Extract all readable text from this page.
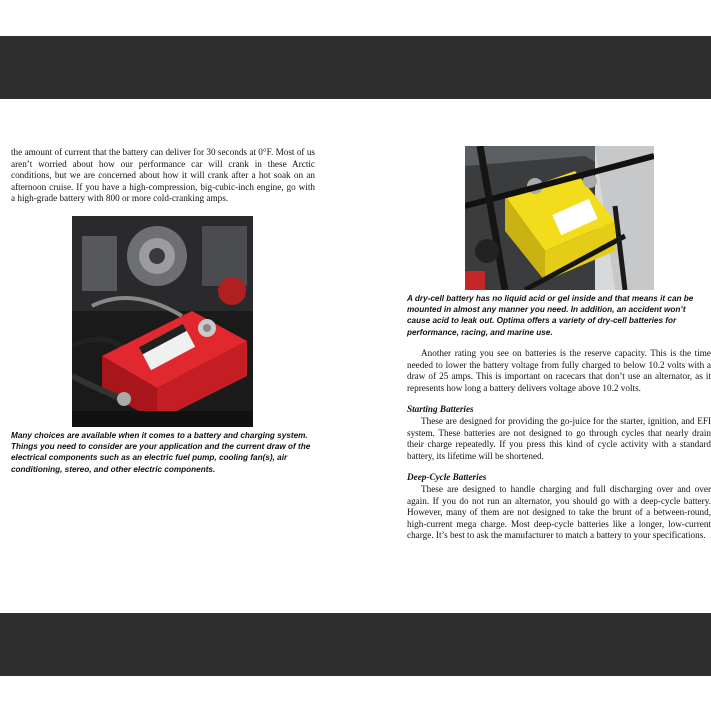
the amount of current that the battery can deliver for 30 seconds at 0°F. Most of us aren’t worried about how our performance car will crank in these Arctic conditions, but we are concerned about how it will crank after a hot soak on an afternoon cruise. If you have a high-compression, big-cubic-inch engine, go with a high-grade battery with 800 or more cold-cranking amps.

Many choices are available when it comes to a battery and charging system. Things you need to consider are your application and the current draw of the electrical components such as an electric fuel pump, cooling fan(s), air conditioning, stereo, and other electric components.
A dry-cell battery has no liquid acid or gel inside and that means it can be mounted in almost any manner you need. In addition, an accident won’t cause acid to leak out. Optima offers a variety of dry-cell batteries for performance, racing, and marine use.

Another rating you see on batteries is the reserve capacity. This is the time needed to lower the battery voltage from fully charged to below 10.2 volts with a draw of 25 amps. This is important on racecars that don’t use an alternator, as it represents how long a battery delivers voltage above 10.2 volts.

Starting Batteries

These are designed for providing the go-juice for the starter, ignition, and EFI system. These batteries are not designed to go through cycles that nearly drain their charge repeatedly. If you press this kind of cycle activity with a standard battery, its lifetime will be shortened.

Deep-Cycle Batteries

These are designed to handle charging and full discharging over and over again. If you do not run an alternator, you should go with a deep-cycle battery. However, many of them are not designed to take the brunt of a between-round, high-current mega charge. Most deep-cycle batteries like a longer, low-current charge. It’s best to ask the manufacturer to match a battery to your specifications.
